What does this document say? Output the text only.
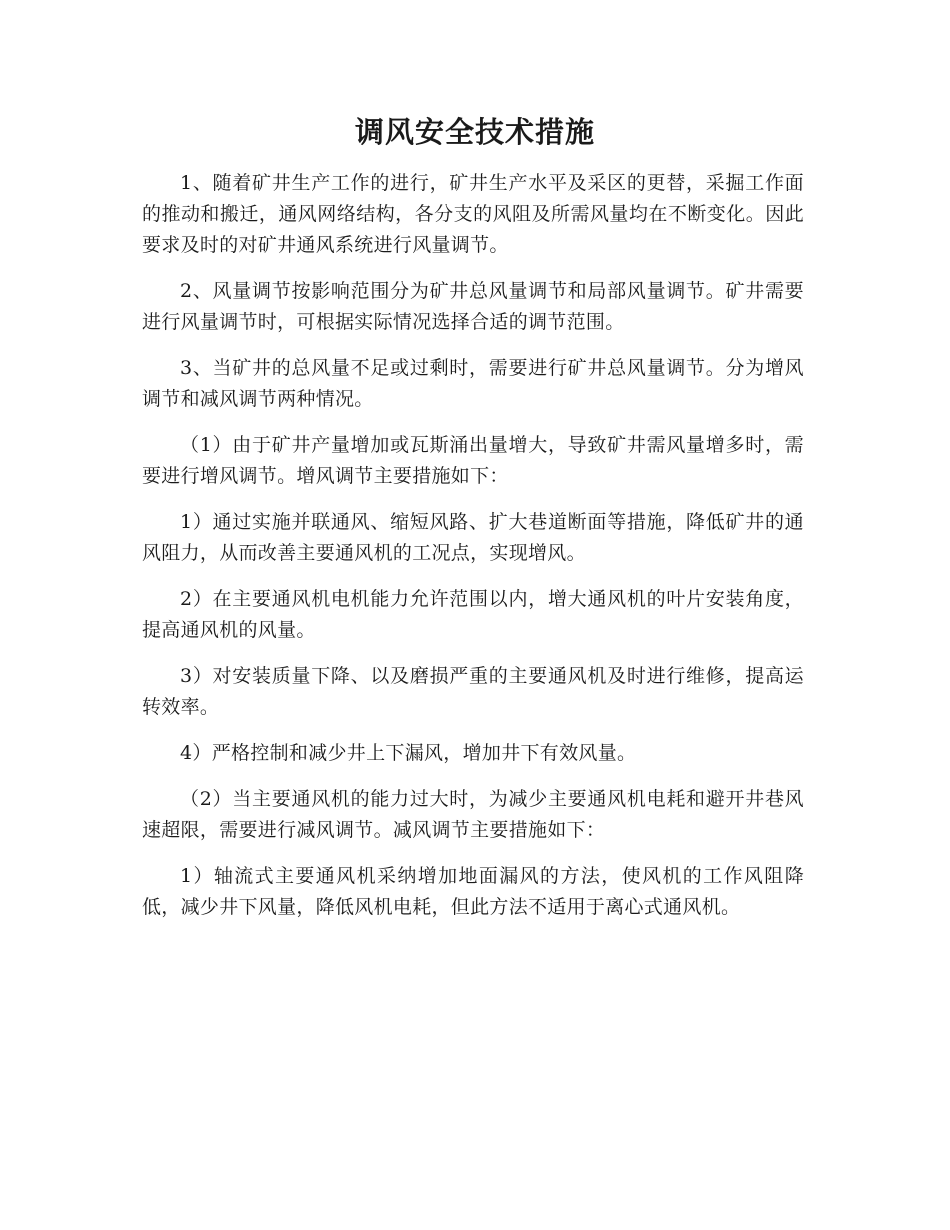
调风安全技术措施

1、随着矿井生产工作的进行，矿井生产水平及采区的更替，采掘工作面的推动和搬迁，通风网络结构，各分支的风阻及所需风量均在不断变化。因此要求及时的对矿井通风系统进行风量调节。

2、风量调节按影响范围分为矿井总风量调节和局部风量调节。矿井需要进行风量调节时，可根据实际情况选择合适的调节范围。

3、当矿井的总风量不足或过剩时，需要进行矿井总风量调节。分为增风调节和减风调节两种情况。

（1）由于矿井产量增加或瓦斯涌出量增大，导致矿井需风量增多时，需要进行增风调节。增风调节主要措施如下：

1）通过实施并联通风、缩短风路、扩大巷道断面等措施，降低矿井的通风阻力，从而改善主要通风机的工况点，实现增风。

2）在主要通风机电机能力允许范围以内，增大通风机的叶片安装角度，提高通风机的风量。

3）对安装质量下降、以及磨损严重的主要通风机及时进行维修，提高运转效率。

4）严格控制和减少井上下漏风，增加井下有效风量。

（2）当主要通风机的能力过大时，为减少主要通风机电耗和避开井巷风速超限，需要进行减风调节。减风调节主要措施如下：

1）轴流式主要通风机采纳增加地面漏风的方法，使风机的工作风阻降低，减少井下风量，降低风机电耗，但此方法不适用于离心式通风机。
